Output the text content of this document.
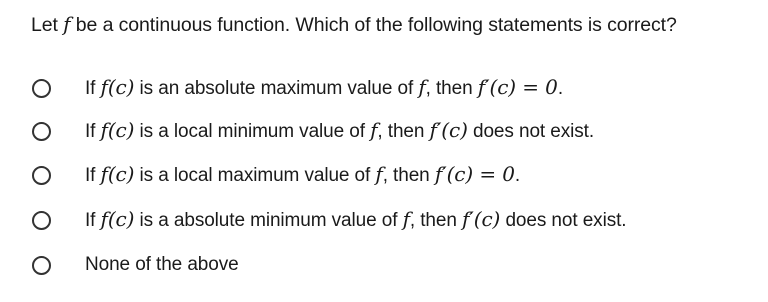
Let f be a continuous function. Which of the following statements is correct?
If f(c) is an absolute maximum value of f, then f′(c) = 0.
If f(c) is a local minimum value of f, then f′(c) does not exist.
If f(c) is a local maximum value of f, then f′(c) = 0.
If f(c) is a absolute minimum value of f, then f′(c) does not exist.
None of the above
